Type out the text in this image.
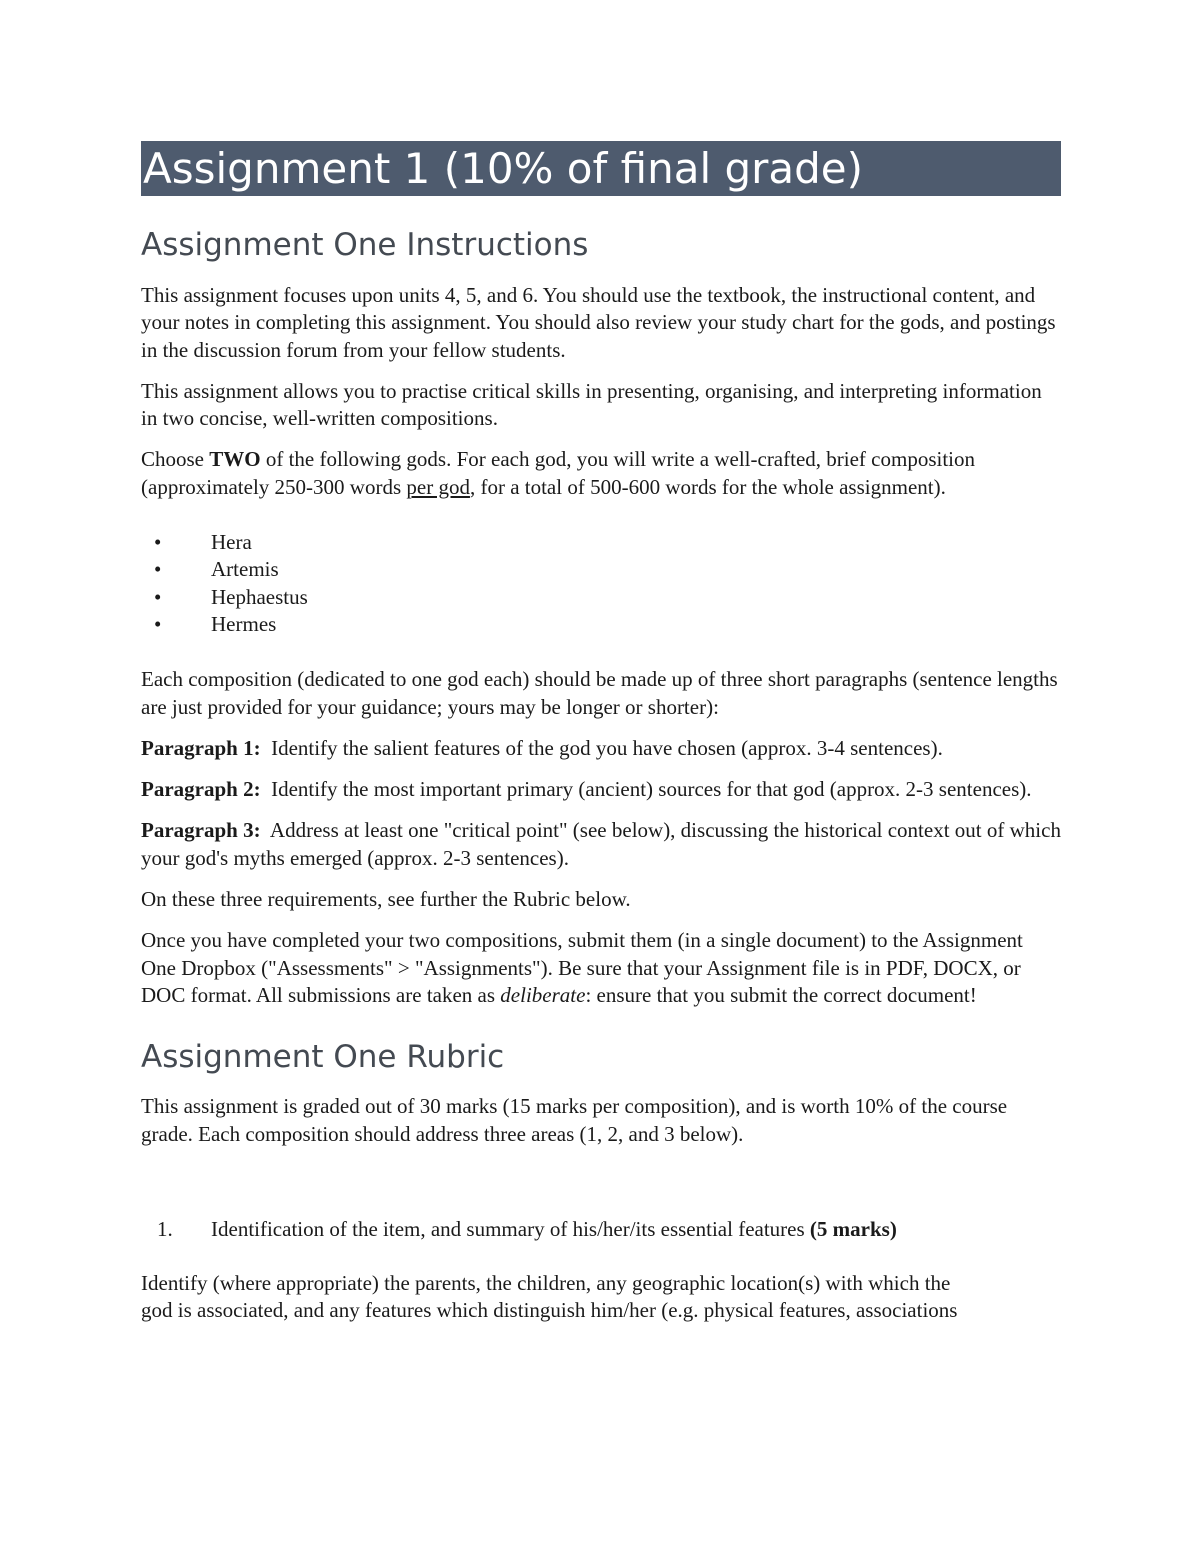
Assignment 1 (10% of final grade)
Assignment One Instructions

This assignment focuses upon units 4, 5, and 6. You should use the textbook, the instructional content, and your notes in completing this assignment. You should also review your study chart for the gods, and postings in the discussion forum from your fellow students.

This assignment allows you to practise critical skills in presenting, organising, and interpreting information in two concise, well-written compositions.

Choose TWO of the following gods. For each god, you will write a well-crafted, brief composition (approximately 250-300 words per god, for a total of 500-600 words for the whole assignment).

• Hera
• Artemis
• Hephaestus
• Hermes

Each composition (dedicated to one god each) should be made up of three short paragraphs (sentence lengths are just provided for your guidance; yours may be longer or shorter):

Paragraph 1:  Identify the salient features of the god you have chosen (approx. 3-4 sentences).

Paragraph 2:  Identify the most important primary (ancient) sources for that god (approx. 2-3 sentences).

Paragraph 3:  Address at least one "critical point" (see below), discussing the historical context out of which your god's myths emerged (approx. 2-3 sentences).

On these three requirements, see further the Rubric below.

Once you have completed your two compositions, submit them (in a single document) to the Assignment One Dropbox ("Assessments" > "Assignments"). Be sure that your Assignment file is in PDF, DOCX, or DOC format. All submissions are taken as deliberate: ensure that you submit the correct document!

Assignment One Rubric

This assignment is graded out of 30 marks (15 marks per composition), and is worth 10% of the course grade. Each composition should address three areas (1, 2, and 3 below).

1. Identification of the item, and summary of his/her/its essential features (5 marks)

Identify (where appropriate) the parents, the children, any geographic location(s) with which the
god is associated, and any features which distinguish him/her (e.g. physical features, associations
